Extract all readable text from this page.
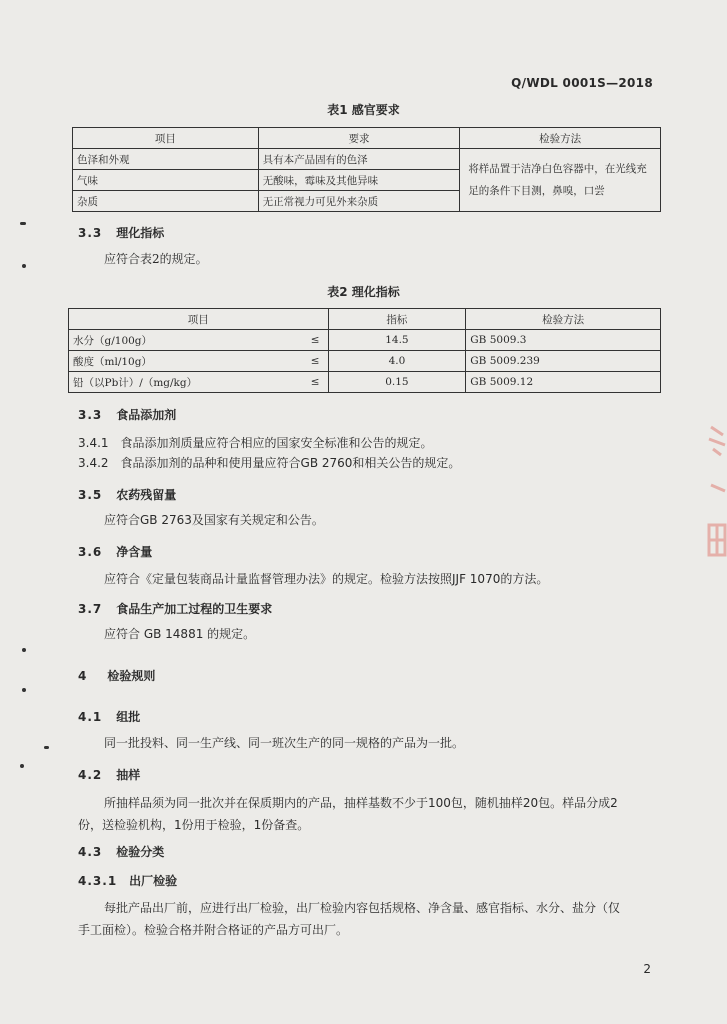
Q/WDL 0001S—2018
表1 感官要求
项目	要求	检验方法
色泽和外观	具有本产品固有的色泽	将样品置于洁净白色容器中，在光线充足的条件下目测，鼻嗅，口尝
气味	无酸味，霉味及其他异味	
杂质	无正常视力可见外来杂质	
3.3 理化指标
应符合表2的规定。
表2 理化指标
项目		指标	检验方法
水分（g/100g）	≤	14.5	GB 5009.3
酸度（ml/10g）	≤	4.0	GB 5009.239
铅（以Pb计）/（mg/kg）	≤	0.15	GB 5009.12
3.3 食品添加剂
3.4.1 食品添加剂质量应符合相应的国家安全标准和公告的规定。
3.4.2 食品添加剂的品种和使用量应符合GB 2760和相关公告的规定。
3.5 农药残留量
应符合GB 2763及国家有关规定和公告。
3.6 净含量
应符合《定量包装商品计量监督管理办法》的规定。检验方法按照JJF 1070的方法。
3.7 食品生产加工过程的卫生要求
应符合 GB 14881 的规定。
4 检验规则
4.1 组批
同一批投料、同一生产线、同一班次生产的同一规格的产品为一批。
4.2 抽样
所抽样品须为同一批次并在保质期内的产品，抽样基数不少于100包，随机抽样20包。样品分成2
份，送检验机构，1份用于检验，1份备查。
4.3 检验分类
4.3.1 出厂检验
每批产品出厂前，应进行出厂检验，出厂检验内容包括规格、净含量、感官指标、水分、盐分（仅
手工面检）。检验合格并附合格证的产品方可出厂。
2
